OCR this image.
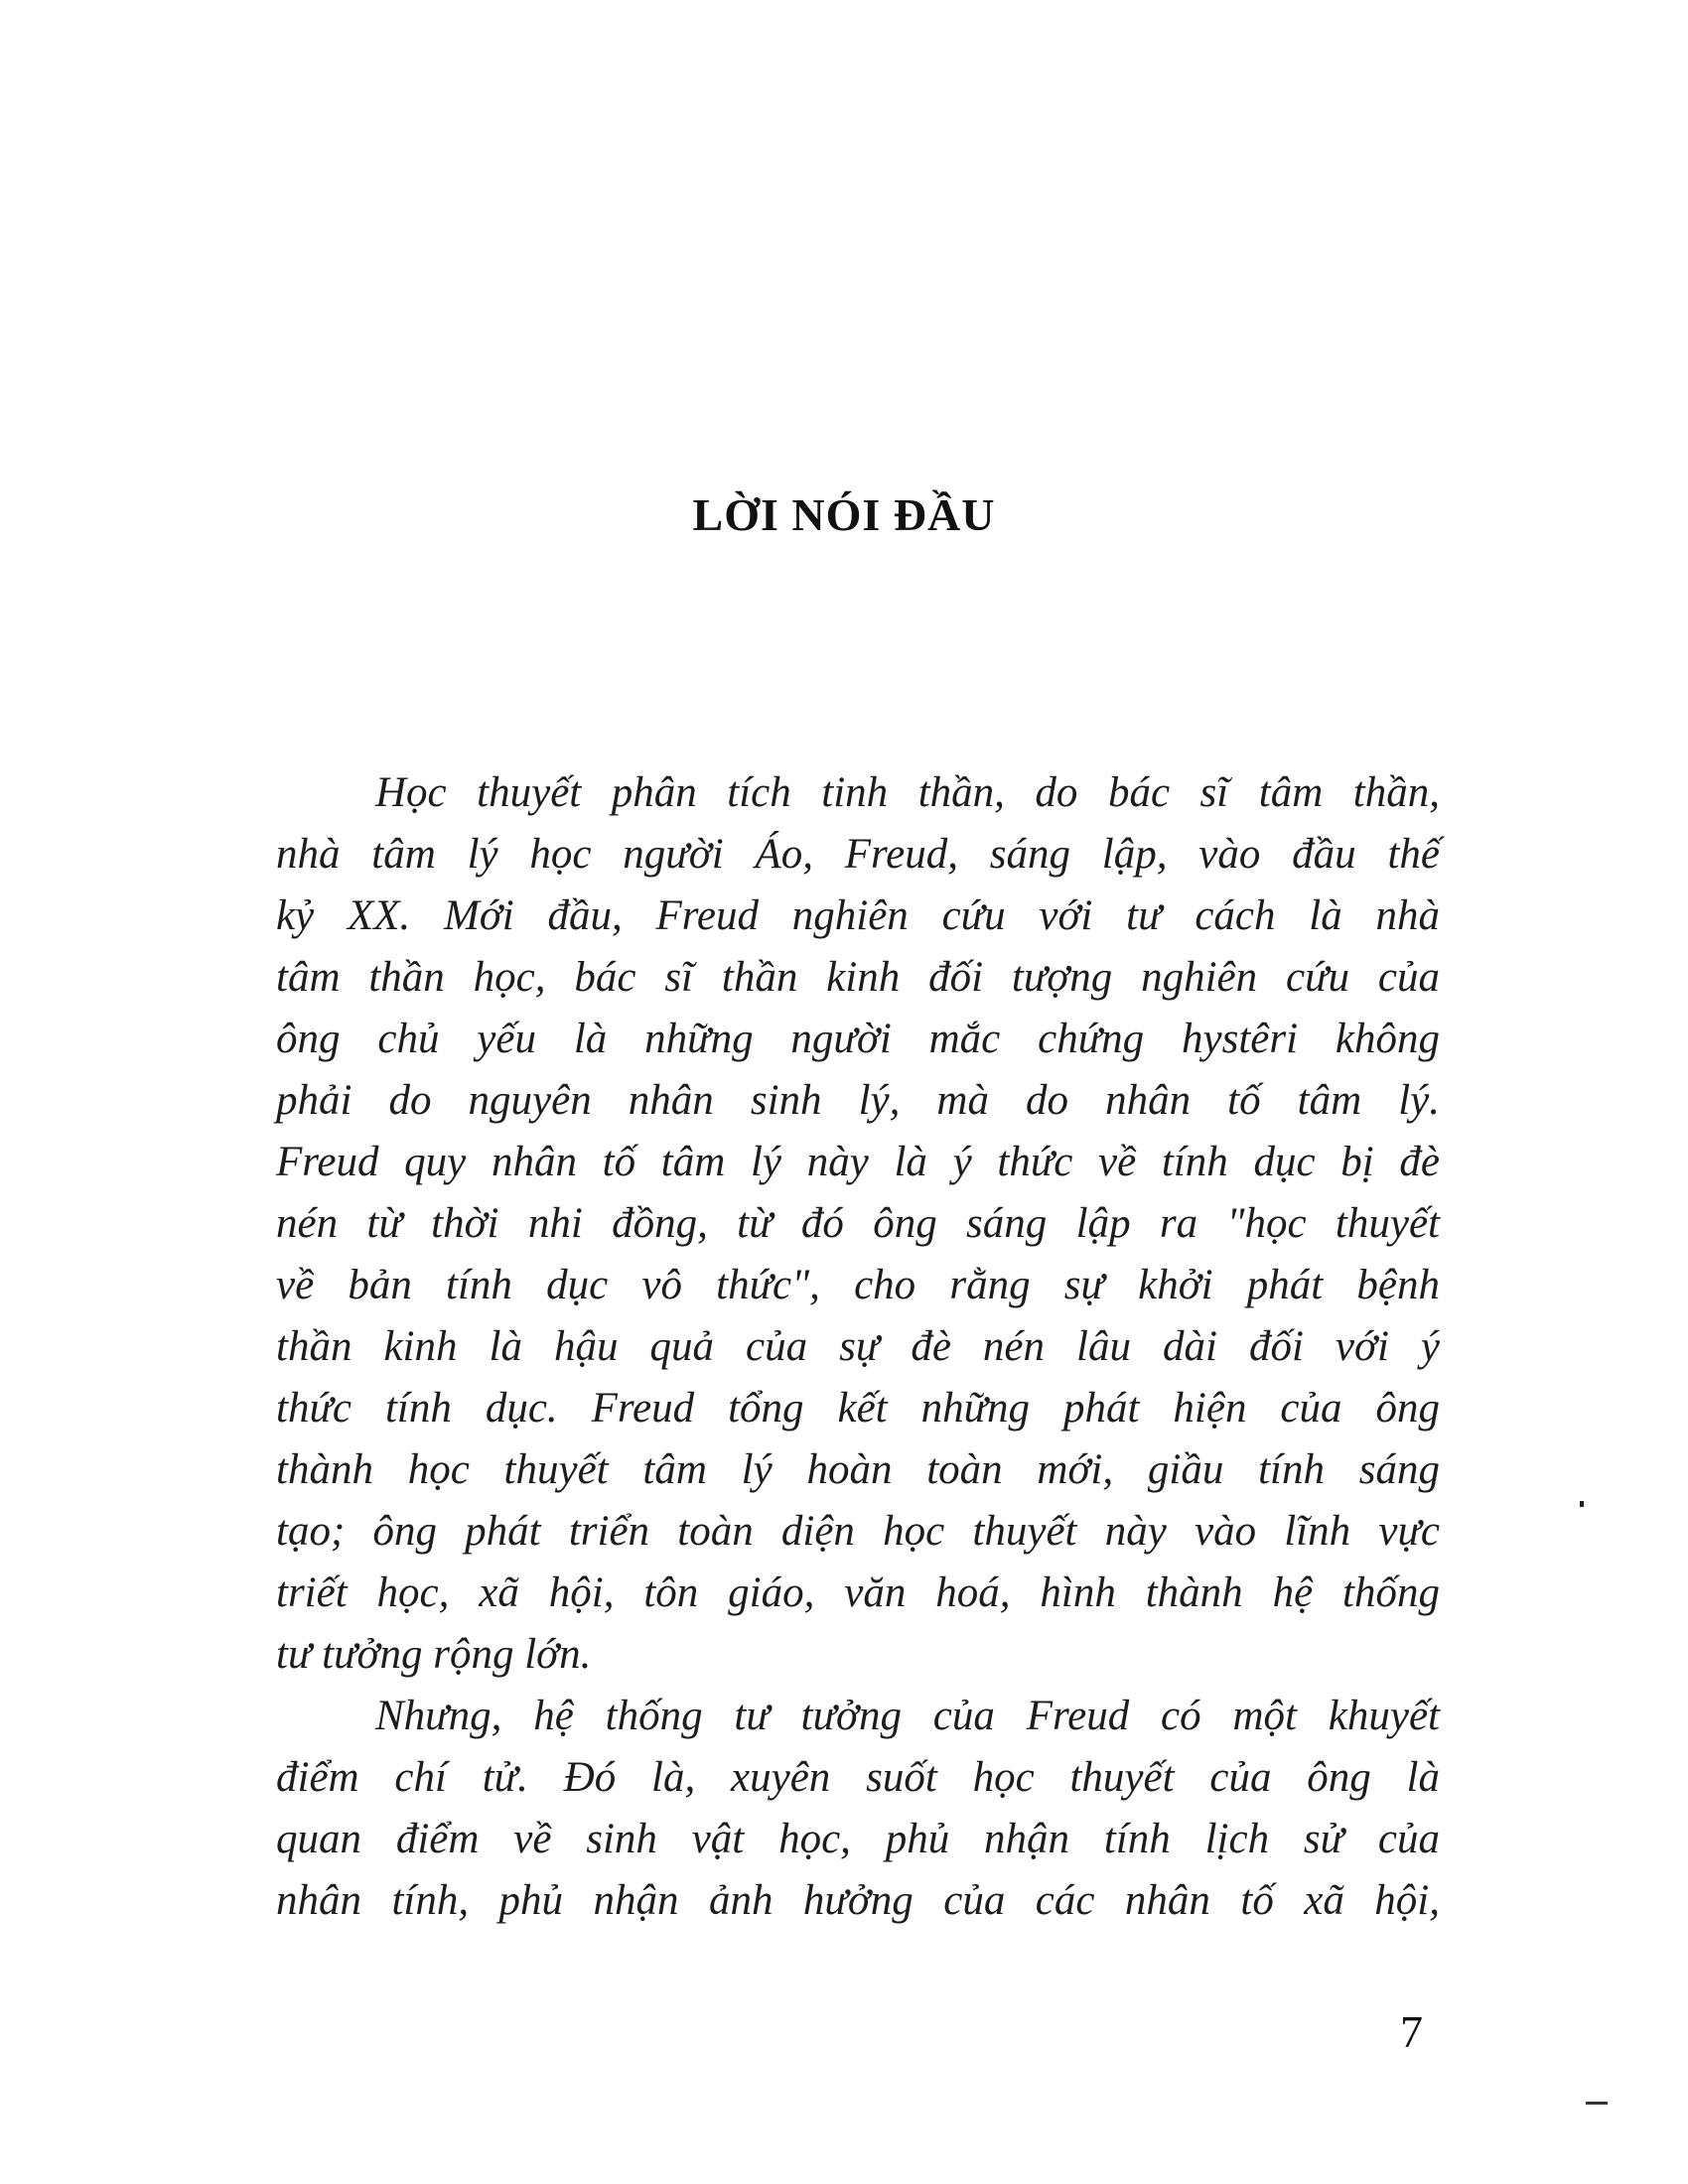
LỜI NÓI ĐẦU

Học thuyết phân tích tinh thần, do bác sĩ tâm thần,
nhà tâm lý học người Áo, Freud, sáng lập, vào đầu thế
kỷ XX. Mới đầu, Freud nghiên cứu với tư cách là nhà
tâm thần học, bác sĩ thần kinh đối tượng nghiên cứu của
ông chủ yếu là những người mắc chứng hystêri không
phải do nguyên nhân sinh lý, mà do nhân tố tâm lý.
Freud quy nhân tố tâm lý này là ý thức về tính dục bị đè
nén từ thời nhi đồng, từ đó ông sáng lập ra "học thuyết
về bản tính dục vô thức", cho rằng sự khởi phát bệnh
thần kinh là hậu quả của sự đè nén lâu dài đối với ý
thức tính dục. Freud tổng kết những phát hiện của ông
thành học thuyết tâm lý hoàn toàn mới, giầu tính sáng
tạo; ông phát triển toàn diện học thuyết này vào lĩnh vực
triết học, xã hội, tôn giáo, văn hoá, hình thành hệ thống
tư tưởng rộng lớn.

Nhưng, hệ thống tư tưởng của Freud có một khuyết
điểm chí tử. Đó là, xuyên suốt học thuyết của ông là
quan điểm về sinh vật học, phủ nhận tính lịch sử của
nhân tính, phủ nhận ảnh hưởng của các nhân tố xã hội,

7
